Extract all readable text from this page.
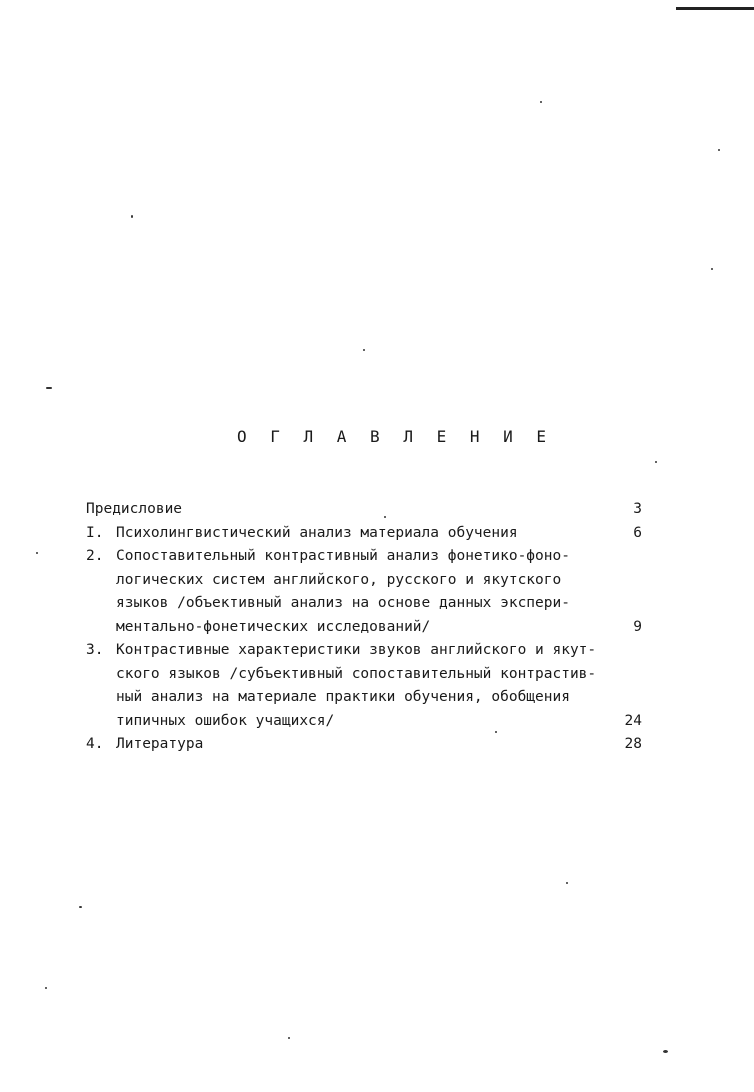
О Г Л А В Л Е Н И Е
Предисловие	3
I. Психолингвистический анализ материала обучения	6
2. Сопоставительный контрастивный анализ фонетико-фоно-
логических систем английского, русского и якутского
языков /объективный анализ на основе данных экспери-
ментально-фонетических исследований/	9
3. Контрастивные характеристики звуков английского и якут-
ского языков /субъективный сопоставительный контрастив-
ный анализ на материале практики обучения, обобщения
типичных ошибок учащихся/	24
4. Литература	28
